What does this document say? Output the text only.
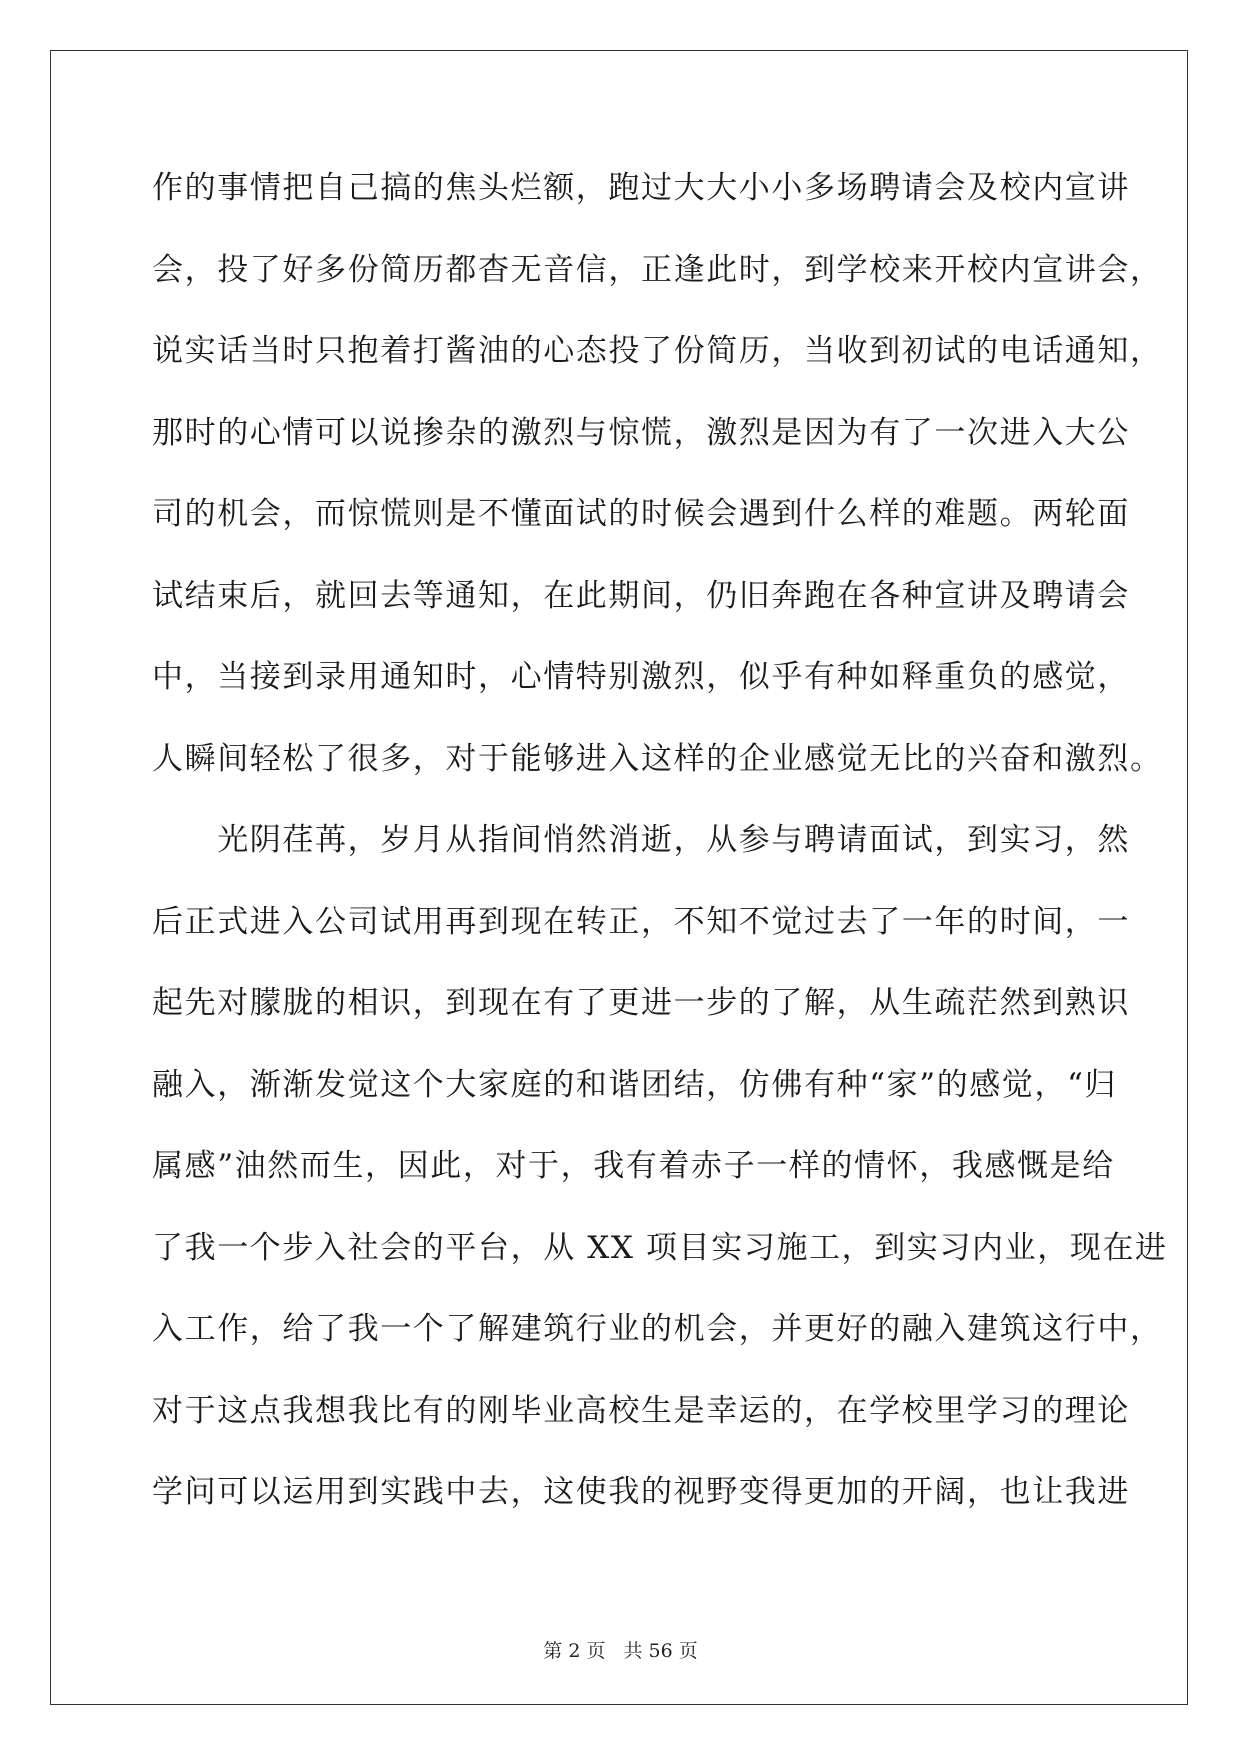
作的事情把自己搞的焦头烂额，跑过大大小小多场聘请会及校内宣讲
会，投了好多份简历都杳无音信，正逢此时，到学校来开校内宣讲会，
说实话当时只抱着打酱油的心态投了份简历，当收到初试的电话通知，
那时的心情可以说掺杂的激烈与惊慌，激烈是因为有了一次进入大公
司的机会，而惊慌则是不懂面试的时候会遇到什么样的难题。两轮面
试结束后，就回去等通知，在此期间，仍旧奔跑在各种宣讲及聘请会
中，当接到录用通知时，心情特别激烈，似乎有种如释重负的感觉，
人瞬间轻松了很多，对于能够进入这样的企业感觉无比的兴奋和激烈。
　　光阴荏苒，岁月从指间悄然消逝，从参与聘请面试，到实习，然
后正式进入公司试用再到现在转正，不知不觉过去了一年的时间，一
起先对朦胧的相识，到现在有了更进一步的了解，从生疏茫然到熟识
融入，渐渐发觉这个大家庭的和谐团结，仿佛有种“家”的感觉，“归
属感”油然而生，因此，对于，我有着赤子一样的情怀，我感慨是给
了我一个步入社会的平台，从 XX 项目实习施工，到实习内业，现在进
入工作，给了我一个了解建筑行业的机会，并更好的融入建筑这行中，
对于这点我想我比有的刚毕业高校生是幸运的，在学校里学习的理论
学问可以运用到实践中去，这使我的视野变得更加的开阔，也让我进
第 2 页 共 56 页
